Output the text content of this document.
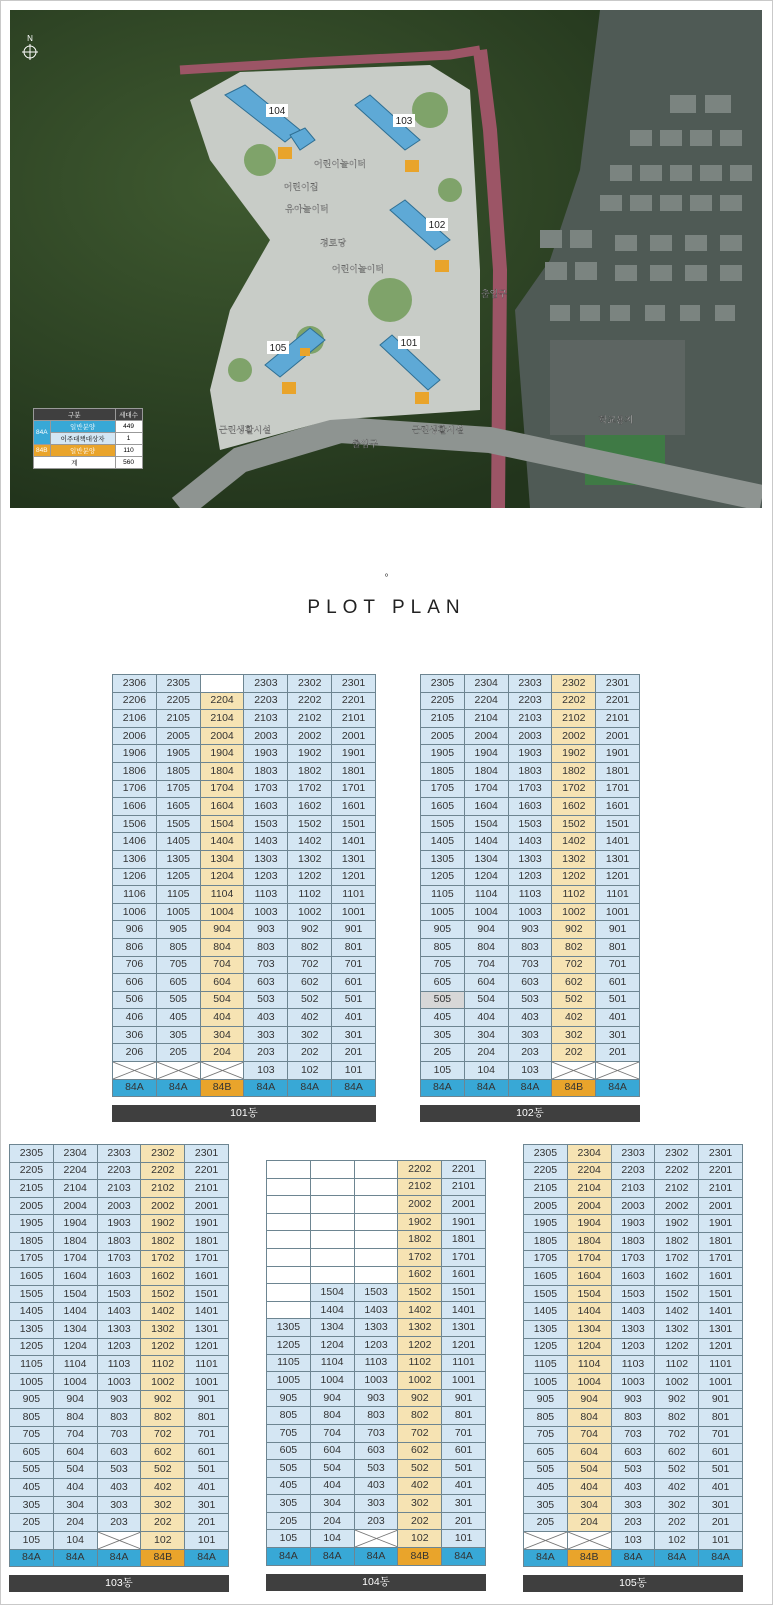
N
104
103
102
101
105
어린이놀이터
어린이집
유아놀이터
경로당
어린이놀이터
출입구
출입구
근린생활시설	근린생활시설
학교용지
구분		세대수
84A	일반분양	449
	이주대책대상자	1
84B	일반분양	110
계		560
°
PLOT PLAN
2306	2305		2303	2302	2301
2206	2205	2204	2203	2202	2201
2106	2105	2104	2103	2102	2101
2006	2005	2004	2003	2002	2001
1906	1905	1904	1903	1902	1901
1806	1805	1804	1803	1802	1801
1706	1705	1704	1703	1702	1701
1606	1605	1604	1603	1602	1601
1506	1505	1504	1503	1502	1501
1406	1405	1404	1403	1402	1401
1306	1305	1304	1303	1302	1301
1206	1205	1204	1203	1202	1201
1106	1105	1104	1103	1102	1101
1006	1005	1004	1003	1002	1001
906	905	904	903	902	901
806	805	804	803	802	801
706	705	704	703	702	701
606	605	604	603	602	601
506	505	504	503	502	501
406	405	404	403	402	401
306	305	304	303	302	301
206	205	204	203	202	201
			103	102	101
84A	84A	84B	84A	84A	84A
101동
2305	2304	2303	2302	2301
2205	2204	2203	2202	2201
2105	2104	2103	2102	2101
2005	2004	2003	2002	2001
1905	1904	1903	1902	1901
1805	1804	1803	1802	1801
1705	1704	1703	1702	1701
1605	1604	1603	1602	1601
1505	1504	1503	1502	1501
1405	1404	1403	1402	1401
1305	1304	1303	1302	1301
1205	1204	1203	1202	1201
1105	1104	1103	1102	1101
1005	1004	1003	1002	1001
905	904	903	902	901
805	804	803	802	801
705	704	703	702	701
605	604	603	602	601
505	504	503	502	501
405	404	403	402	401
305	304	303	302	301
205	204	203	202	201
105	104	103		
84A	84A	84A	84B	84A
102동
2305	2304	2303	2302	2301
2205	2204	2203	2202	2201
2105	2104	2103	2102	2101
2005	2004	2003	2002	2001
1905	1904	1903	1902	1901
1805	1804	1803	1802	1801
1705	1704	1703	1702	1701
1605	1604	1603	1602	1601
1505	1504	1503	1502	1501
1405	1404	1403	1402	1401
1305	1304	1303	1302	1301
1205	1204	1203	1202	1201
1105	1104	1103	1102	1101
1005	1004	1003	1002	1001
905	904	903	902	901
805	804	803	802	801
705	704	703	702	701
605	604	603	602	601
505	504	503	502	501
405	404	403	402	401
305	304	303	302	301
205	204	203	202	201
105	104		102	101
84A	84A	84A	84B	84A
103동
			2202	2201
			2102	2101
			2002	2001
			1902	1901
			1802	1801
			1702	1701
			1602	1601
	1504	1503	1502	1501
	1404	1403	1402	1401
1305	1304	1303	1302	1301
1205	1204	1203	1202	1201
1105	1104	1103	1102	1101
1005	1004	1003	1002	1001
905	904	903	902	901
805	804	803	802	801
705	704	703	702	701
605	604	603	602	601
505	504	503	502	501
405	404	403	402	401
305	304	303	302	301
205	204	203	202	201
105	104		102	101
84A	84A	84A	84B	84A
104동
2305	2304	2303	2302	2301
2205	2204	2203	2202	2201
2105	2104	2103	2102	2101
2005	2004	2003	2002	2001
1905	1904	1903	1902	1901
1805	1804	1803	1802	1801
1705	1704	1703	1702	1701
1605	1604	1603	1602	1601
1505	1504	1503	1502	1501
1405	1404	1403	1402	1401
1305	1304	1303	1302	1301
1205	1204	1203	1202	1201
1105	1104	1103	1102	1101
1005	1004	1003	1002	1001
905	904	903	902	901
805	804	803	802	801
705	704	703	702	701
605	604	603	602	601
505	504	503	502	501
405	404	403	402	401
305	304	303	302	301
205	204	203	202	201
		103	102	101
84A	84B	84A	84A	84A
105동
